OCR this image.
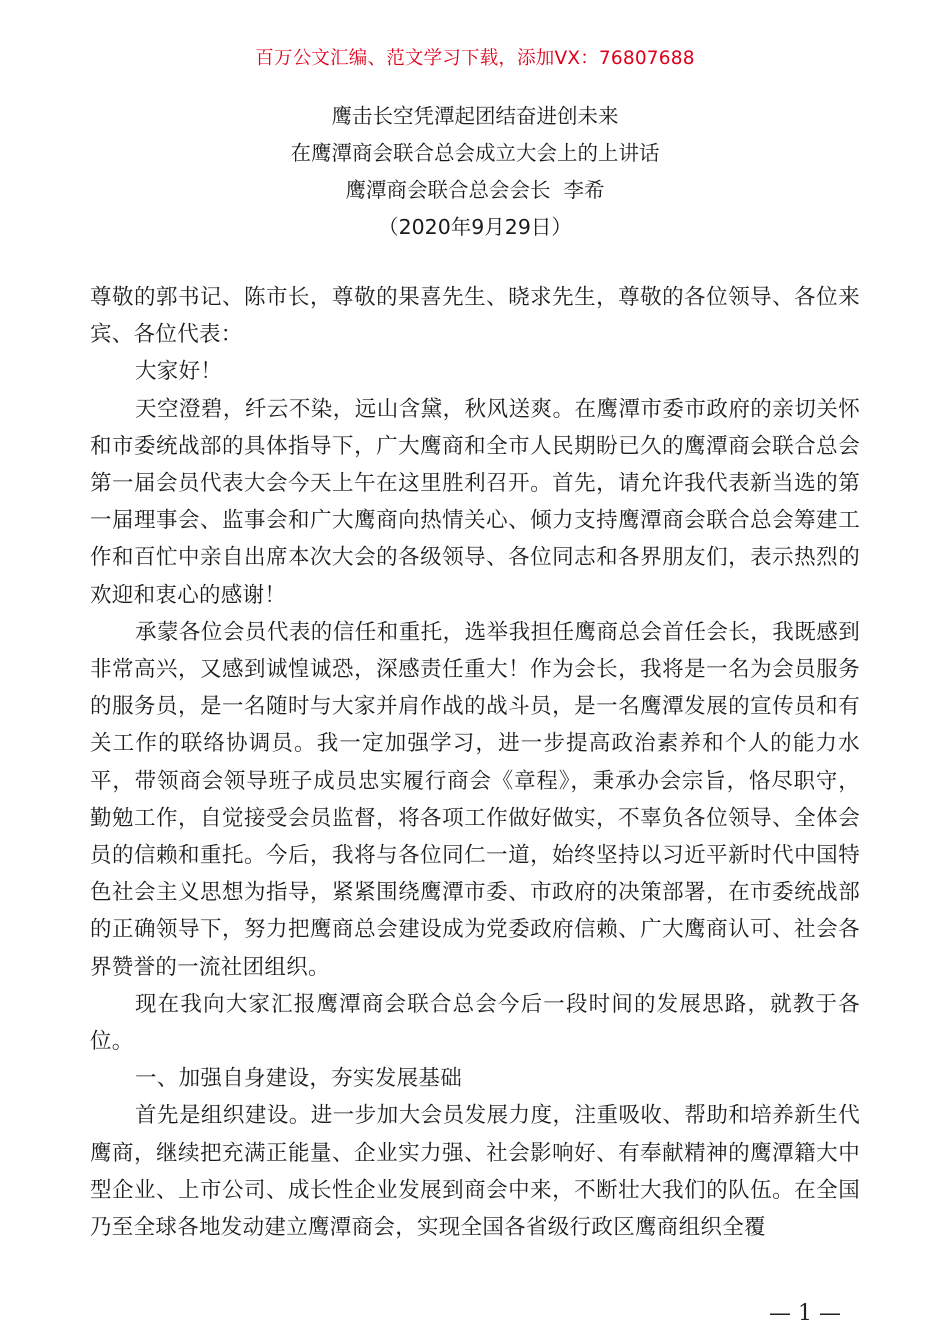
百万公文汇编、范文学习下载，添加VX：76807688
鹰击长空凭潭起团结奋进创未来
在鹰潭商会联合总会成立大会上的上讲话
鹰潭商会联合总会会长  李希
（2020年9月29日）

尊敬的郭书记、陈市长，尊敬的果喜先生、晓求先生，尊敬的各位领导、各位来宾、各位代表：

大家好！

天空澄碧，纤云不染，远山含黛，秋风送爽。在鹰潭市委市政府的亲切关怀和市委统战部的具体指导下，广大鹰商和全市人民期盼已久的鹰潭商会联合总会第一届会员代表大会今天上午在这里胜利召开。首先，请允许我代表新当选的第一届理事会、监事会和广大鹰商向热情关心、倾力支持鹰潭商会联合总会筹建工作和百忙中亲自出席本次大会的各级领导、各位同志和各界朋友们，表示热烈的欢迎和衷心的感谢！

承蒙各位会员代表的信任和重托，选举我担任鹰商总会首任会长，我既感到非常高兴，又感到诚惶诚恐，深感责任重大！作为会长，我将是一名为会员服务的服务员，是一名随时与大家并肩作战的战斗员，是一名鹰潭发展的宣传员和有关工作的联络协调员。我一定加强学习，进一步提高政治素养和个人的能力水平，带领商会领导班子成员忠实履行商会《章程》，秉承办会宗旨，恪尽职守，勤勉工作，自觉接受会员监督，将各项工作做好做实，不辜负各位领导、全体会员的信赖和重托。今后，我将与各位同仁一道，始终坚持以习近平新时代中国特色社会主义思想为指导，紧紧围绕鹰潭市委、市政府的决策部署，在市委统战部的正确领导下，努力把鹰商总会建设成为党委政府信赖、广大鹰商认可、社会各界赞誉的一流社团组织。

现在我向大家汇报鹰潭商会联合总会今后一段时间的发展思路，就教于各位。

一、加强自身建设，夯实发展基础

首先是组织建设。进一步加大会员发展力度，注重吸收、帮助和培养新生代鹰商，继续把充满正能量、企业实力强、社会影响好、有奉献精神的鹰潭籍大中型企业、上市公司、成长性企业发展到商会中来，不断壮大我们的队伍。在全国乃至全球各地发动建立鹰潭商会，实现全国各省级行政区鹰商组织全覆

— 1 —
